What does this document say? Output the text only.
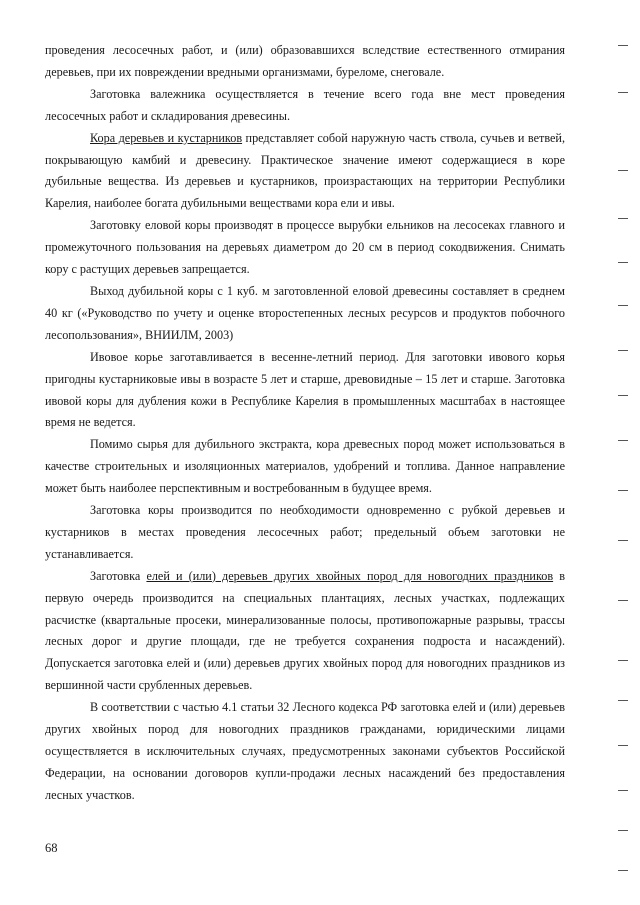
проведения лесосечных работ, и (или) образовавшихся вследствие естественного отмирания деревьев, при их повреждении вредными организмами, буреломе, снеговале.

Заготовка валежника осуществляется в течение всего года вне мест проведения лесосечных работ и складирования древесины.

Кора деревьев и кустарников представляет собой наружную часть ствола, сучьев и ветвей, покрывающую камбий и древесину. Практическое значение имеют содержащиеся в коре дубильные вещества. Из деревьев и кустарников, произрастающих на территории Республики Карелия, наиболее богата дубильными веществами кора ели и ивы.

Заготовку еловой коры производят в процессе вырубки ельников на лесосеках главного и промежуточного пользования на деревьях диаметром до 20 см в период сокодвижения. Снимать кору с растущих деревьев запрещается.

Выход дубильной коры с 1 куб. м заготовленной еловой древесины составляет в среднем 40 кг («Руководство по учету и оценке второстепенных лесных ресурсов и продуктов побочного лесопользования», ВНИИЛМ, 2003)

Ивовое корье заготавливается в весенне-летний период. Для заготовки ивового корья пригодны кустарниковые ивы в возрасте 5 лет и старше, древовидные – 15 лет и старше. Заготовка ивовой коры для дубления кожи в Республике Карелия в промышленных масштабах в настоящее время не ведется.

Помимо сырья для дубильного экстракта, кора древесных пород может использоваться в качестве строительных и изоляционных материалов, удобрений и топлива. Данное направление может быть наиболее перспективным и востребованным в будущее время.

Заготовка коры производится по необходимости одновременно с рубкой деревьев и кустарников в местах проведения лесосечных работ; предельный объем заготовки не устанавливается.

Заготовка елей и (или) деревьев других хвойных пород для новогодних праздников в первую очередь производится на специальных плантациях, лесных участках, подлежащих расчистке (квартальные просеки, минерализованные полосы, противопожарные разрывы, трассы лесных дорог и другие площади, где не требуется сохранения подроста и насаждений). Допускается заготовка елей и (или) деревьев других хвойных пород для новогодних праздников из вершинной части срубленных деревьев.

В соответствии с частью 4.1 статьи 32 Лесного кодекса РФ заготовка елей и (или) деревьев других хвойных пород для новогодних праздников гражданами, юридическими лицами осуществляется в исключительных случаях, предусмотренных законами субъектов Российской Федерации, на основании договоров купли-продажи лесных насаждений без предоставления лесных участков.

68
